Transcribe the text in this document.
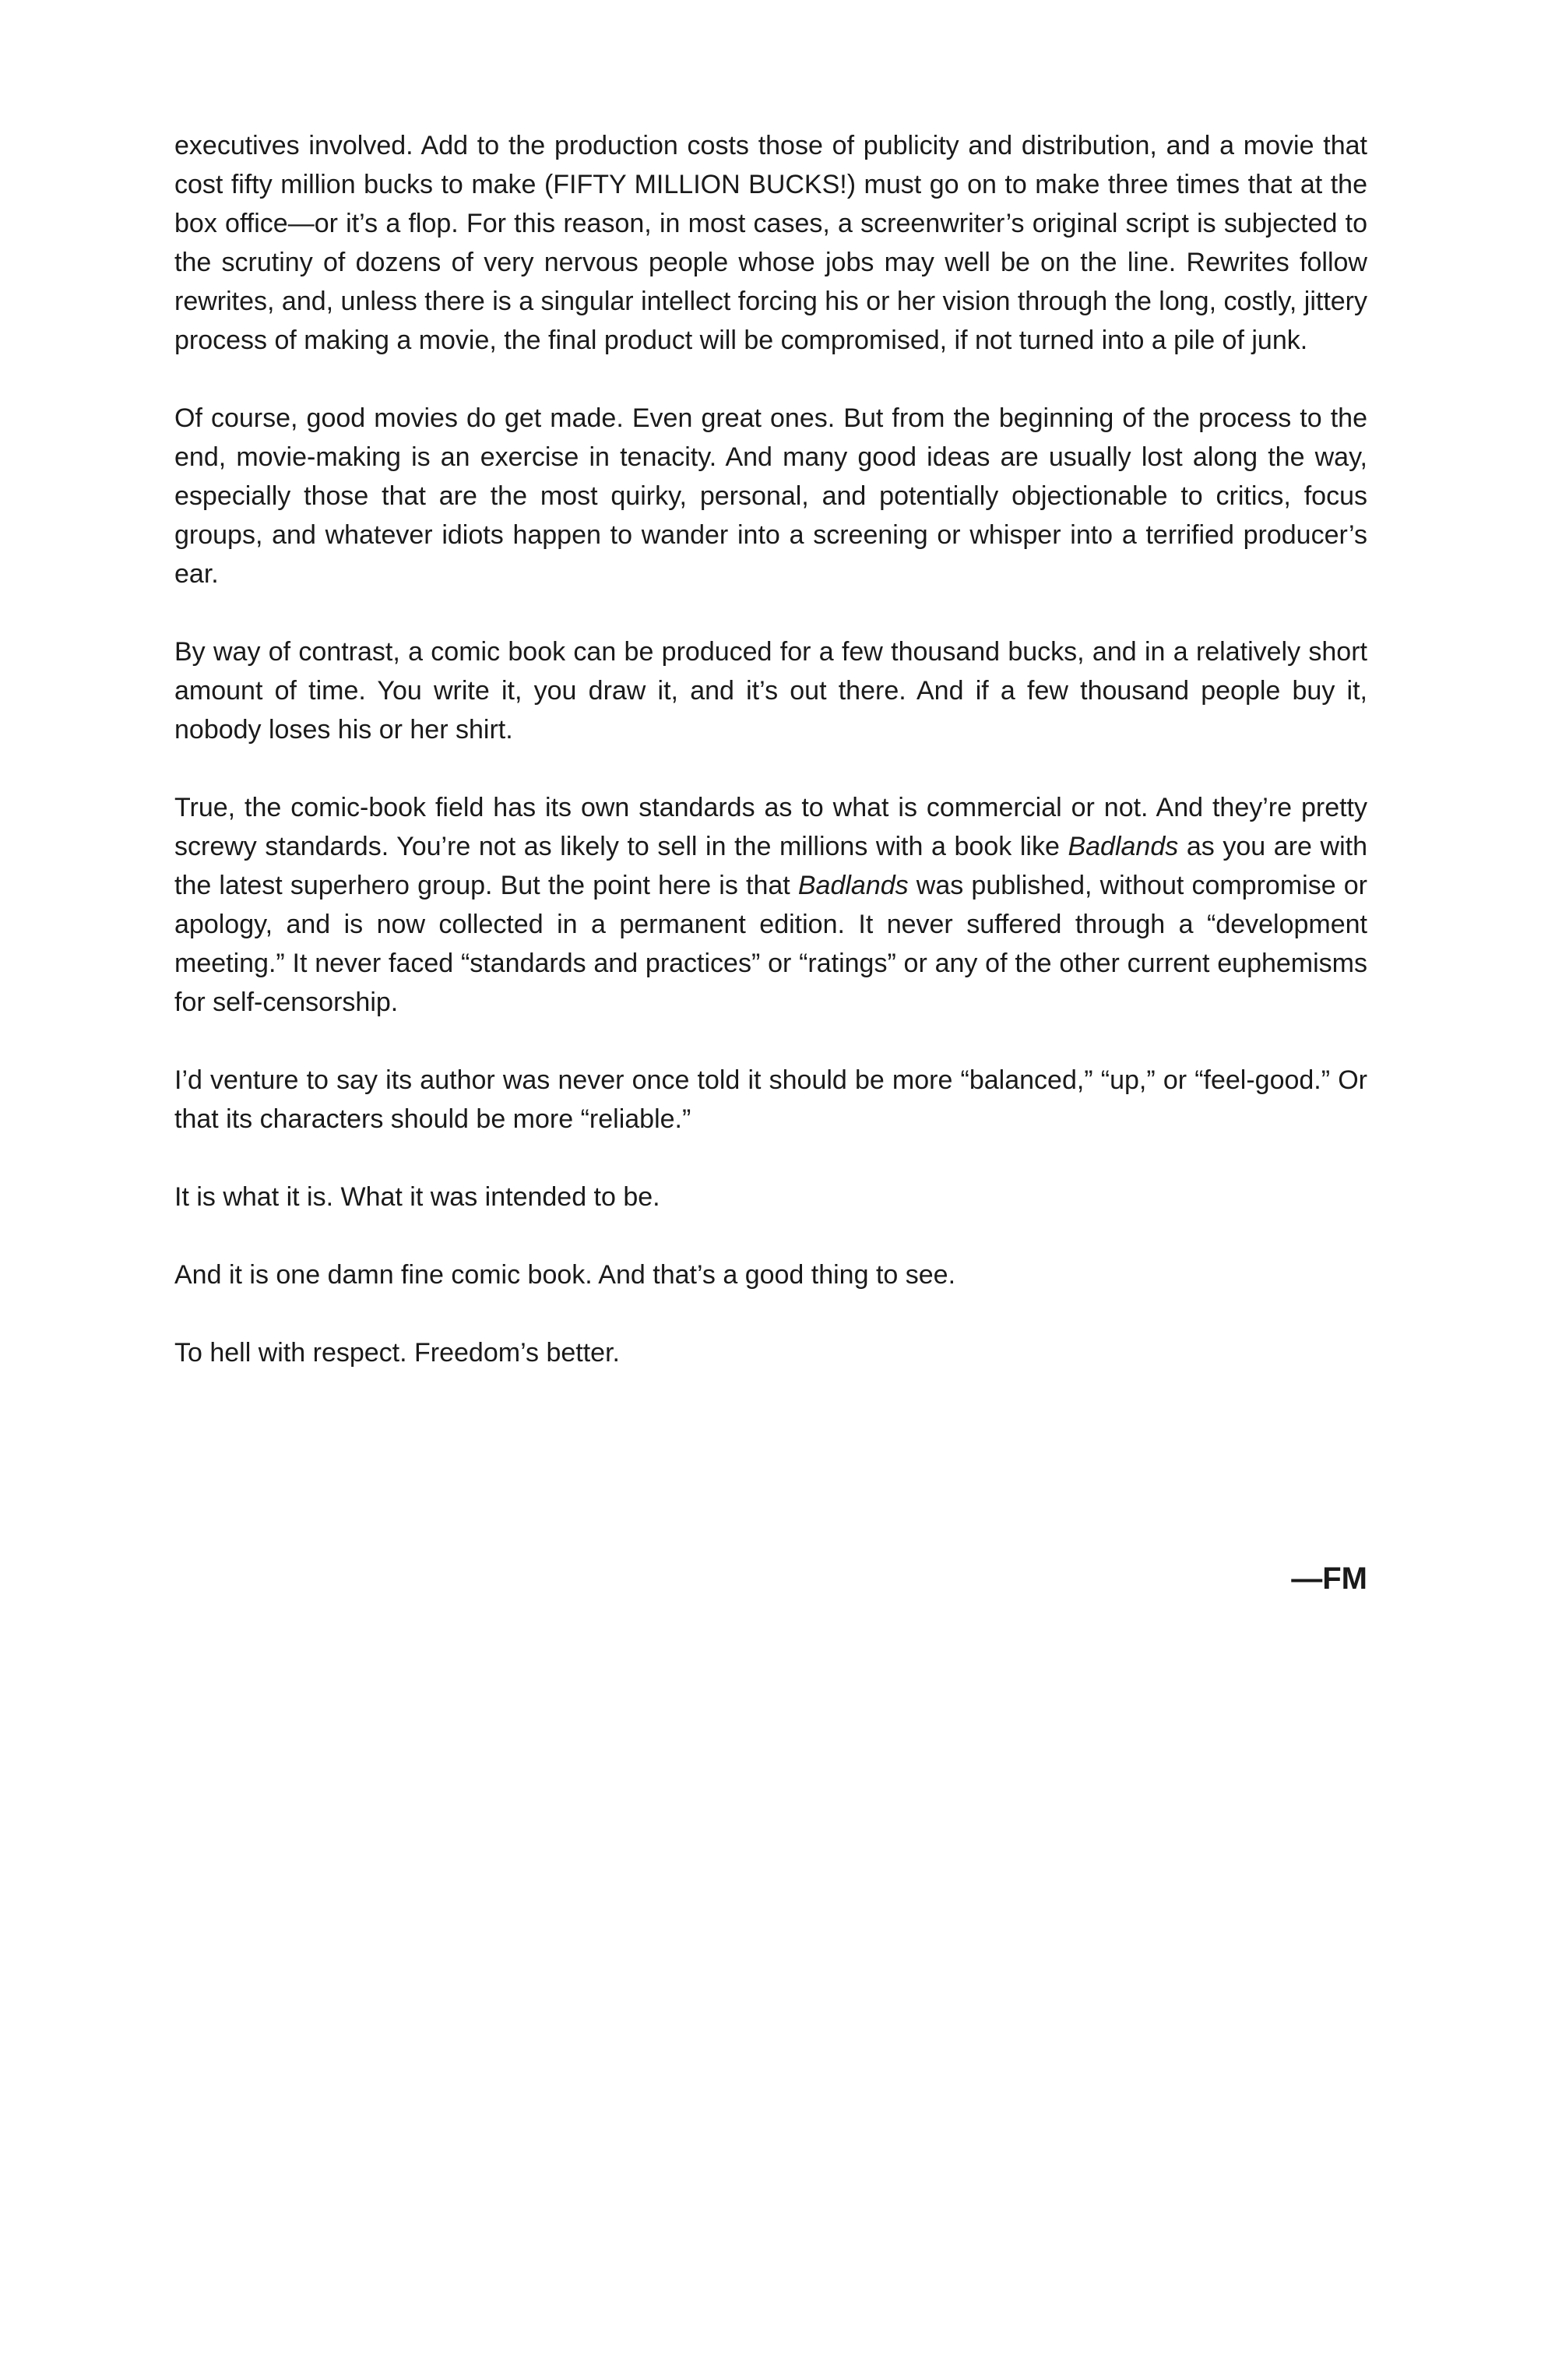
executives involved. Add to the production costs those of publicity and distribution, and a movie that cost fifty million bucks to make (FIFTY MILLION BUCKS!) must go on to make three times that at the box office—or it’s a flop. For this reason, in most cases, a screenwriter’s original script is subjected to the scrutiny of dozens of very nervous people whose jobs may well be on the line. Rewrites follow rewrites, and, unless there is a singular intellect forcing his or her vision through the long, costly, jittery process of making a movie, the final product will be compromised, if not turned into a pile of junk.

Of course, good movies do get made. Even great ones. But from the beginning of the process to the end, movie-making is an exercise in tenacity. And many good ideas are usually lost along the way, especially those that are the most quirky, personal, and potentially objectionable to critics, focus groups, and whatever idiots happen to wander into a screening or whisper into a terrified producer’s ear.

By way of contrast, a comic book can be produced for a few thousand bucks, and in a relatively short amount of time. You write it, you draw it, and it’s out there. And if a few thousand people buy it, nobody loses his or her shirt.

True, the comic-book field has its own standards as to what is commercial or not. And they’re pretty screwy standards. You’re not as likely to sell in the millions with a book like Badlands as you are with the latest superhero group. But the point here is that Badlands was published, without compromise or apology, and is now collected in a permanent edition. It never suffered through a “development meeting.” It never faced “standards and practices” or “ratings” or any of the other current euphemisms for self-censorship.

I’d venture to say its author was never once told it should be more “balanced,” “up,” or “feel-good.” Or that its characters should be more “reliable.”

It is what it is. What it was intended to be.

And it is one damn fine comic book. And that’s a good thing to see.

To hell with respect. Freedom’s better.

—FM
